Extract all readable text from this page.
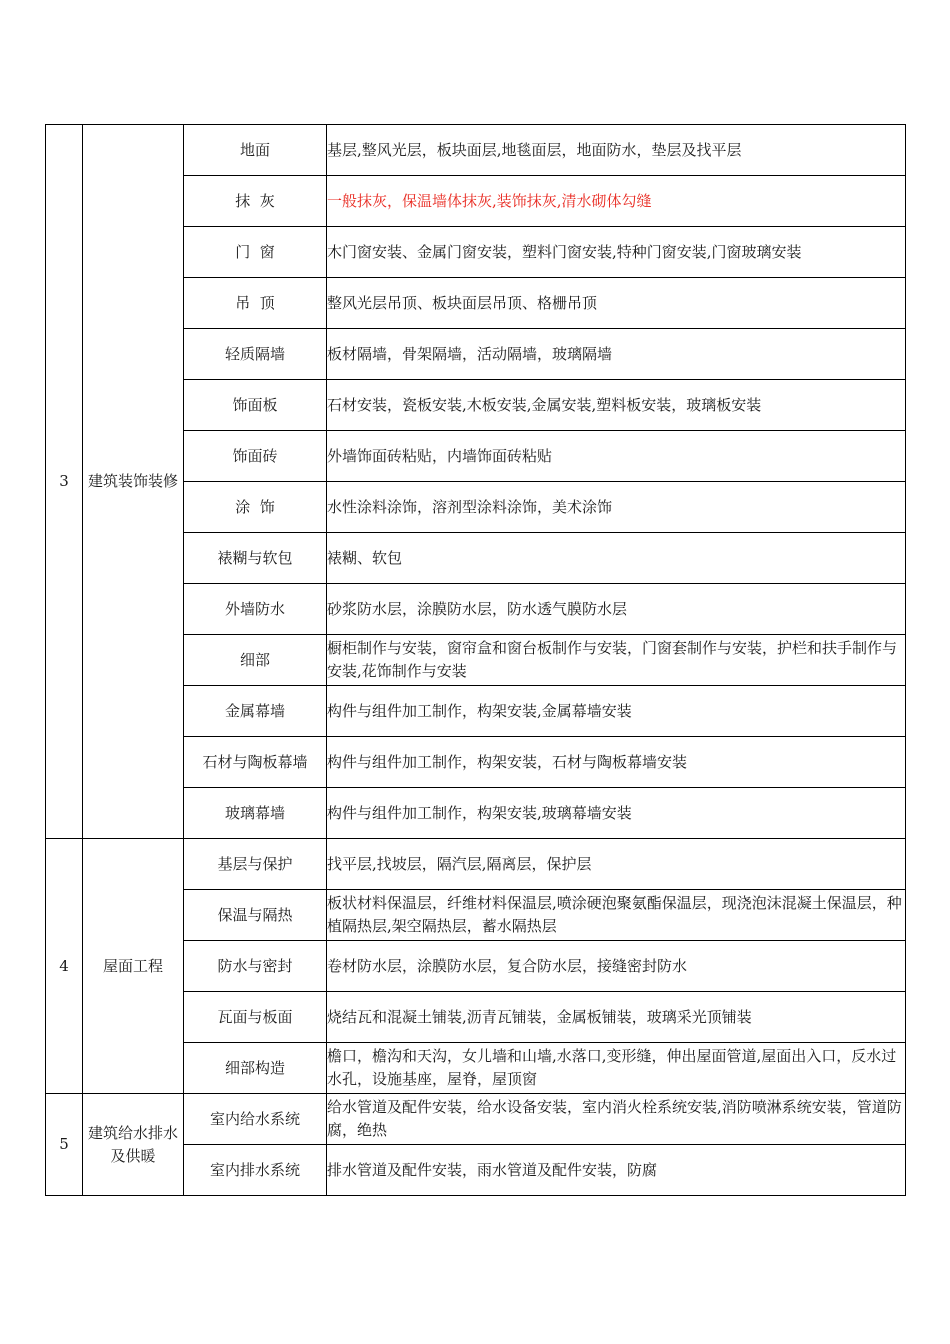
3	建筑装饰装修	地面	基层,整风光层，板块面层,地毯面层，地面防水，垫层及找平层
		抹  灰	一般抹灰，保温墙体抹灰,装饰抹灰,清水砌体勾缝
		门  窗	木门窗安装、金属门窗安装，塑料门窗安装,特种门窗安装,门窗玻璃安装
		吊  顶	整风光层吊顶、板块面层吊顶、格栅吊顶
		轻质隔墙	板材隔墙，骨架隔墙，活动隔墙，玻璃隔墙
		饰面板	石材安装，瓷板安装,木板安装,金属安装,塑料板安装，玻璃板安装
		饰面砖	外墙饰面砖粘贴，内墙饰面砖粘贴
		涂  饰	水性涂料涂饰，溶剂型涂料涂饰，美术涂饰
		裱糊与软包	裱糊、软包
		外墙防水	砂浆防水层，涂膜防水层，防水透气膜防水层
		细部	橱柜制作与安装，窗帘盒和窗台板制作与安装，门窗套制作与安装，护栏和扶手制作与安装,花饰制作与安装
		金属幕墙	构件与组件加工制作，构架安装,金属幕墙安装
		石材与陶板幕墙	构件与组件加工制作，构架安装，石材与陶板幕墙安装
		玻璃幕墙	构件与组件加工制作，构架安装,玻璃幕墙安装
4	屋面工程	基层与保护	找平层,找坡层，隔汽层,隔离层，保护层
		保温与隔热	板状材料保温层，纤维材料保温层,喷涂硬泡聚氨酯保温层，现浇泡沫混凝土保温层，种植隔热层,架空隔热层，蓄水隔热层
		防水与密封	卷材防水层，涂膜防水层，复合防水层，接缝密封防水
		瓦面与板面	烧结瓦和混凝土铺装,沥青瓦铺装，金属板铺装，玻璃采光顶铺装
		细部构造	檐口，檐沟和天沟，女儿墙和山墙,水落口,变形缝，伸出屋面管道,屋面出入口，反水过水孔，设施基座，屋脊，屋顶窗
5	建筑给水排水及供暖	室内给水系统	给水管道及配件安装，给水设备安装，室内消火栓系统安装,消防喷淋系统安装，管道防腐，绝热
		室内排水系统	排水管道及配件安装，雨水管道及配件安装，防腐
